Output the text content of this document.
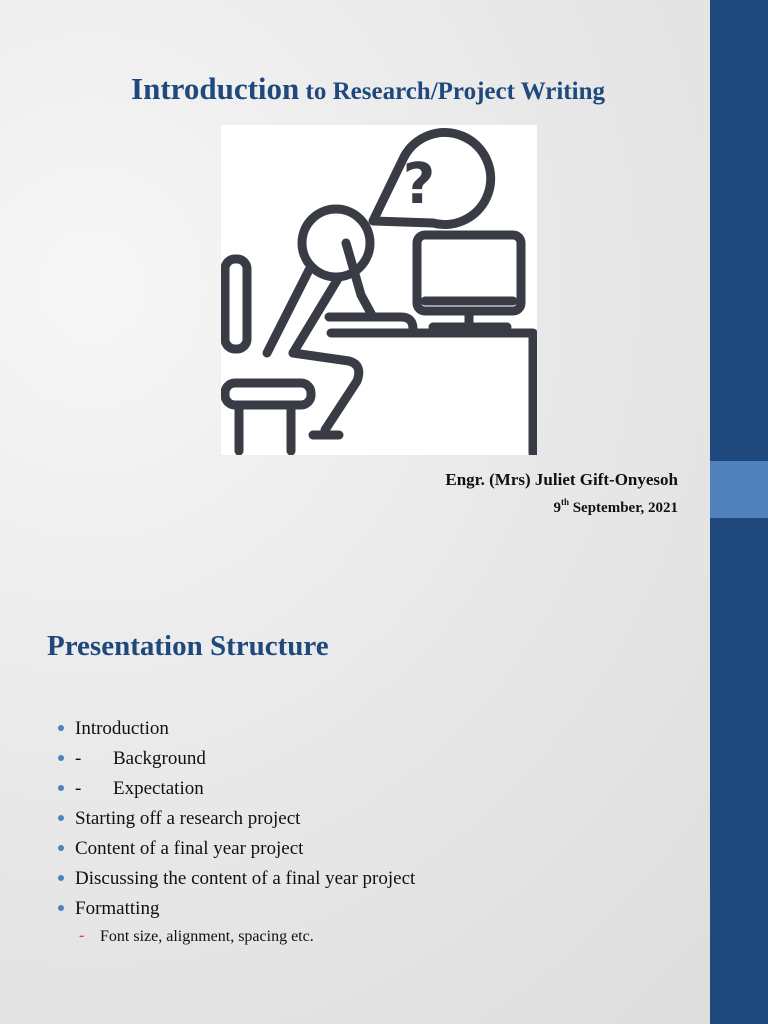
Introduction to Research/Project Writing
?

Engr. (Mrs) Juliet Gift-Onyesoh

9th September, 2021

Presentation Structure
Introduction
- Background
- Expectation
Starting off a research project
Content of a final year project
Discussing the content of a final year project
Formatting
- Font size, alignment, spacing etc.
